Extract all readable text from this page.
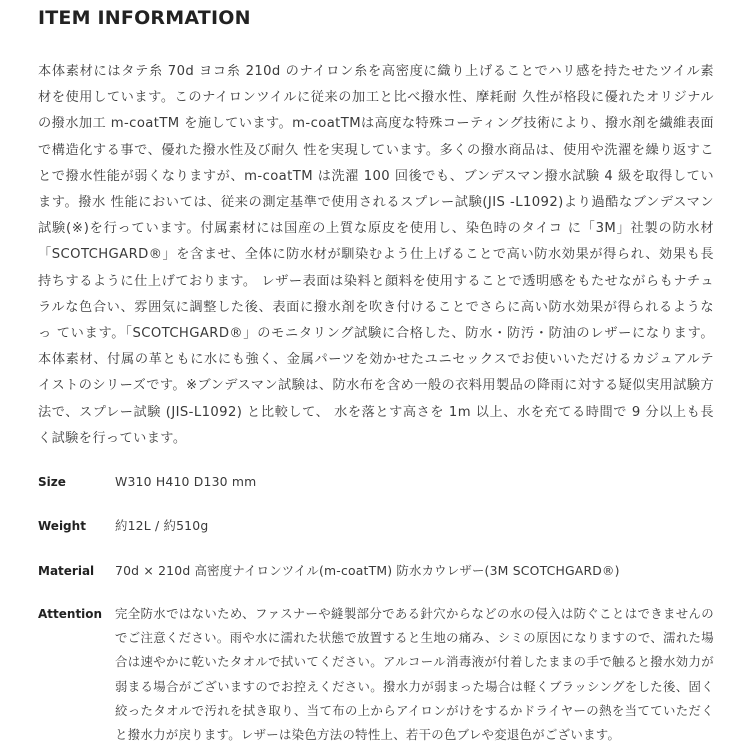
ITEM INFORMATION

本体素材にはタテ糸 70d ヨコ糸 210d のナイロン糸を高密度に織り上げることでハリ感を持たせたツイル素材を使用しています。このナイロンツイルに従来の加工と比べ撥水性、摩耗耐 久性が格段に優れたオリジナルの撥水加工 m-coatTM を施しています。m-coatTMは高度な特殊コーティング技術により、撥水剤を繊維表面で構造化する事で、優れた撥水性及び耐久 性を実現しています。多くの撥水商品は、使用や洗濯を繰り返すことで撥水性能が弱くなりますが、m-coatTM は洗濯 100 回後でも、ブンデスマン撥水試験 4 級を取得しています。撥水 性能においては、従来の測定基準で使用されるスプレー試験(JIS -L1092)より過酷なブンデスマン試験(※)を行っています。付属素材には国産の上質な原皮を使用し、染色時のタイコ に「3M」社製の防水材「SCOTCHGARD®」を含ませ、全体に防水材が馴染むよう仕上げることで高い防水効果が得られ、効果も長持ちするように仕上げております。 レザー表面は染料と顔料を使用することで透明感をもたせながらもナチュラルな色合い、雰囲気に調整した後、表面に撥水剤を吹き付けることでさらに高い防水効果が得られるようなっ ています。「SCOTCHGARD®」のモニタリング試験に合格した、防水・防汚・防油のレザーになります。本体素材、付属の革ともに水にも強く、金属パーツを効かせたユニセックスでお使いいただけるカジュアルテイストのシリーズです。※ブンデスマン試験は、防水布を含め一般の衣料用製品の降雨に対する疑似実用試験方法で、スプレー試験 (JIS-L1092) と比較して、 水を落とす高さを 1m 以上、水を充てる時間で 9 分以上も長く試験を行っています。

Size	W310 H410 D130 mm
Weight	約12L / 約510g
Material	70d × 210d 高密度ナイロンツイル(m-coatTM) 防水カウレザー(3M SCOTCHGARD®)
Attention	完全防水ではないため、ファスナーや縫製部分である針穴からなどの水の侵入は防ぐことはできませんのでご注意ください。雨や水に濡れた状態で放置すると生地の痛み、シミの原因になりますので、濡れた場合は速やかに乾いたタオルで拭いてください。アルコール消毒液が付着したままの手で触ると撥水効力が弱まる場合がございますのでお控えください。撥水力が弱まった場合は軽くブラッシングをした後、固く絞ったタオルで汚れを拭き取り、当て布の上からアイロンがけをするかドライヤーの熱を当てていただくと撥水力が戻ります。レザーは染色方法の特性上、若干の色ブレや変退色がございます。
